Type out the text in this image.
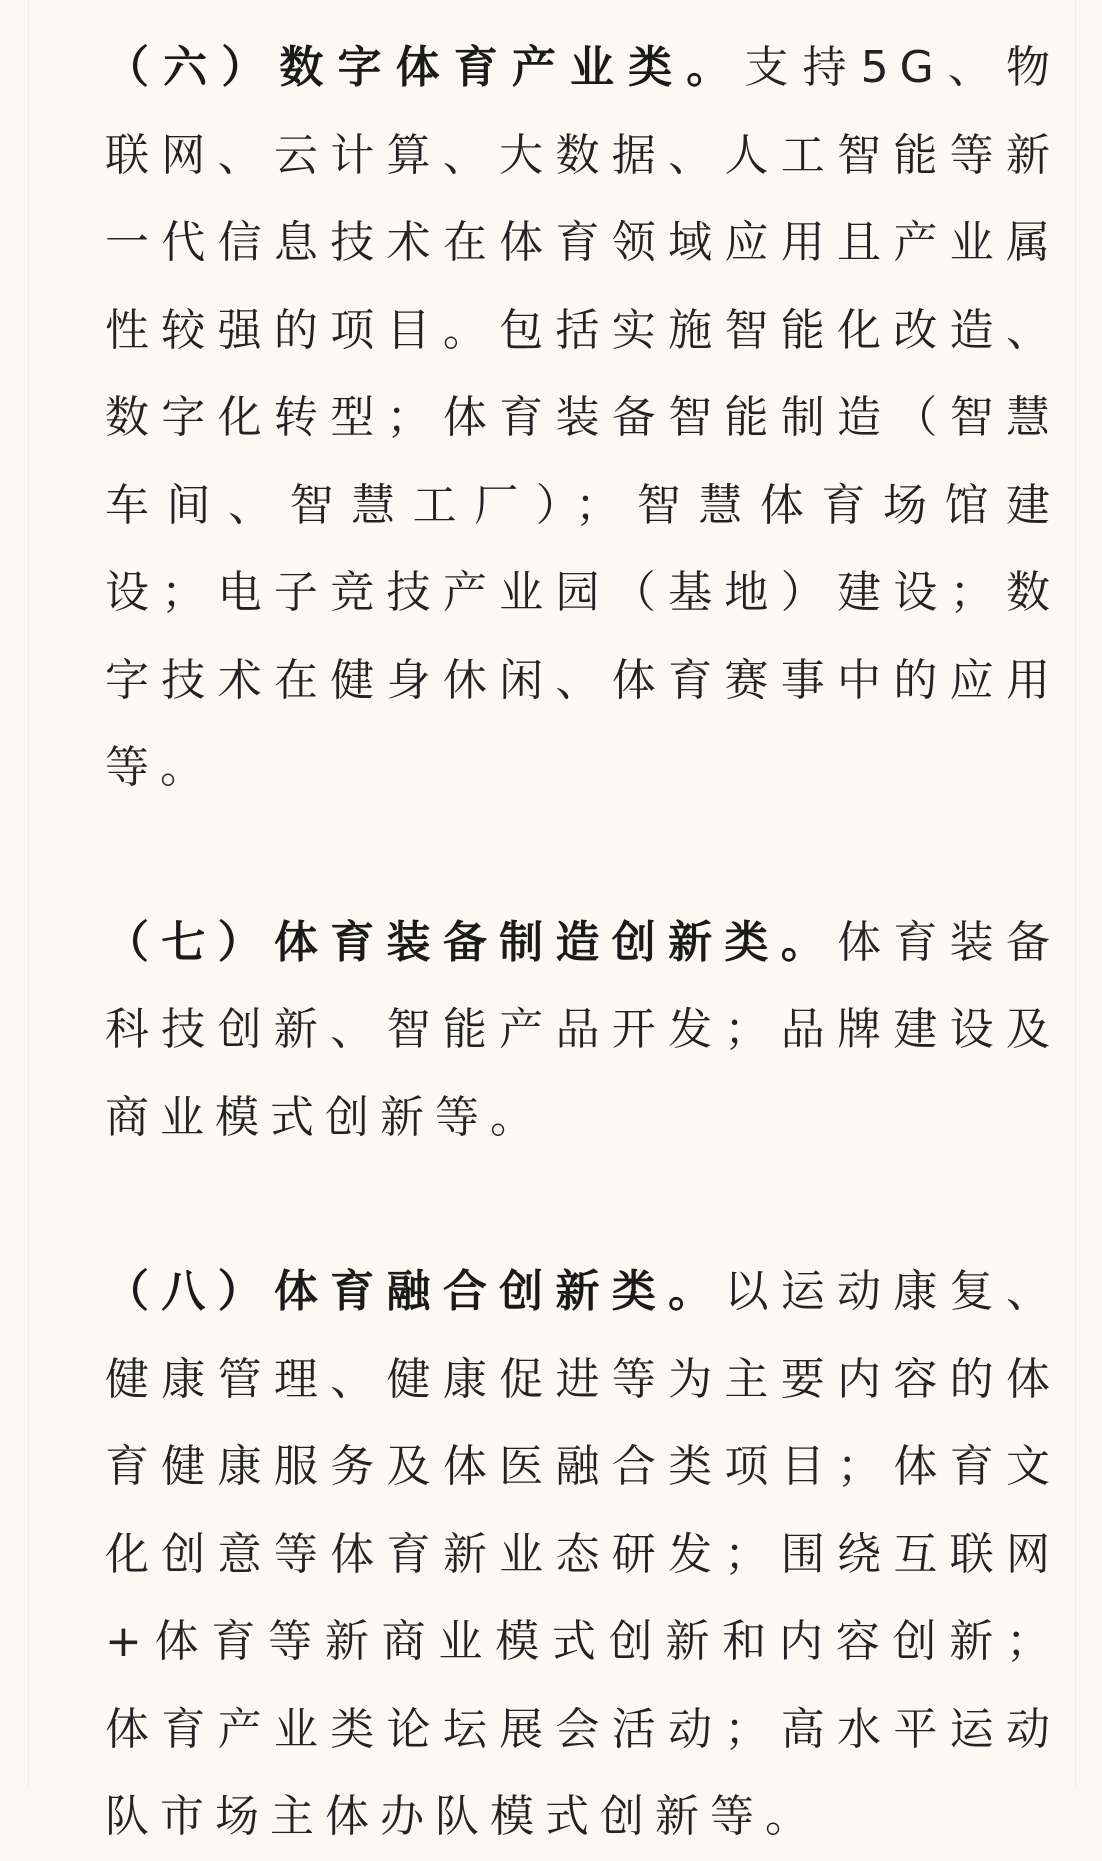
（六）数字体育产业类。支持5G、物联网、云计算、大数据、人工智能等新一代信息技术在体育领域应用且产业属性较强的项目。包括实施智能化改造、数字化转型；体育装备智能制造（智慧车间、智慧工厂）；智慧体育场馆建设；电子竞技产业园（基地）建设；数字技术在健身休闲、体育赛事中的应用等。

（七）体育装备制造创新类。体育装备科技创新、智能产品开发；品牌建设及商业模式创新等。

（八）体育融合创新类。以运动康复、健康管理、健康促进等为主要内容的体育健康服务及体医融合类项目；体育文化创意等体育新业态研发；围绕互联网+体育等新商业模式创新和内容创新；体育产业类论坛展会活动；高水平运动队市场主体办队模式创新等。
